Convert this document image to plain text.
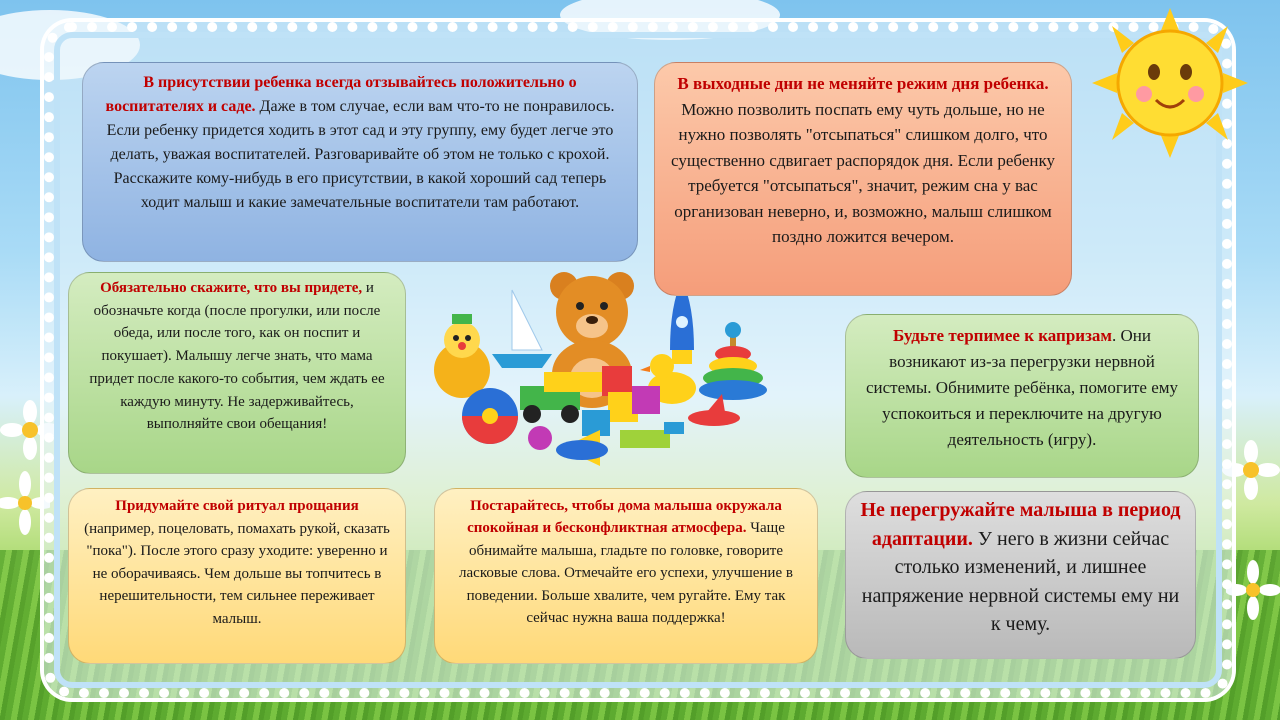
В присутствии ребенка всегда отзывайтесь положительно о воспитателях и саде. Даже в том случае, если вам что-то не понравилось. Если ребенку придется ходить в этот сад и эту группу, ему будет легче это делать, уважая воспитателей. Разговаривайте об этом не только с крохой. Расскажите кому-нибудь в его присутствии, в какой хороший сад теперь ходит малыш и какие замечательные воспитатели там работают.
В выходные дни не меняйте режим дня ребенка. Можно позволить поспать ему чуть дольше, но не нужно позволять "отсыпаться" слишком долго, что существенно сдвигает распорядок дня. Если ребенку требуется "отсыпаться", значит, режим сна у вас организован неверно, и, возможно, малыш слишком поздно ложится вечером.
Обязательно скажите, что вы придете, и обозначьте когда (после прогулки, или после обеда, или после того, как он поспит и покушает). Малышу легче знать, что мама придет после какого-то события, чем ждать ее каждую минуту. Не задерживайтесь, выполняйте свои обещания!
Будьте терпимее к капризам. Они возникают из-за перегрузки нервной системы. Обнимите ребёнка, помогите ему успокоиться и переключите на другую деятельность (игру).
Придумайте свой ритуал прощания (например, поцеловать, помахать рукой, сказать "пока"). После этого сразу уходите: уверенно и не оборачиваясь. Чем дольше вы топчитесь в нерешительности, тем сильнее переживает малыш.
Постарайтесь, чтобы дома малыша окружала спокойная и бесконфликтная атмосфера. Чаще обнимайте малыша, гладьте по головке, говорите ласковые слова. Отмечайте его успехи, улучшение в поведении. Больше хвалите, чем ругайте. Ему так сейчас нужна ваша поддержка!
Не перегружайте малыша в период адаптации. У него в жизни сейчас столько изменений, и лишнее напряжение нервной системы ему ни к чему.
